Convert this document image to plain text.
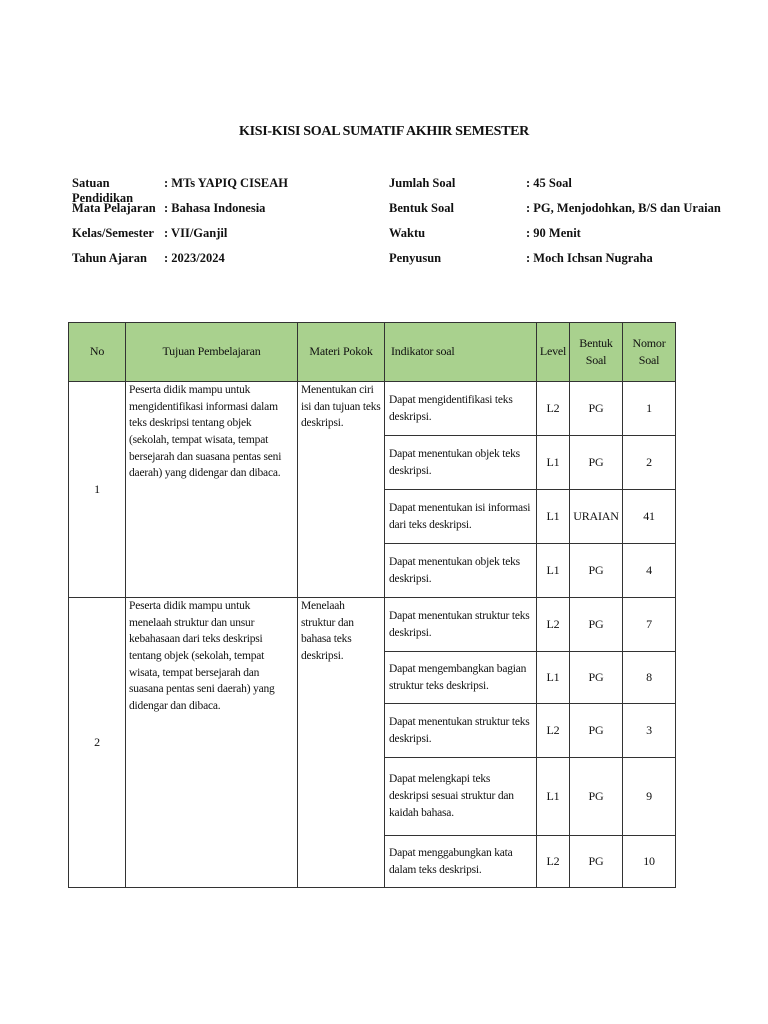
KISI-KISI SOAL SUMATIF AKHIR SEMESTER
Satuan Pendidikan
: MTs YAPIQ CISEAH
Mata Pelajaran : Bahasa Indonesia
Kelas/Semester : VII/Ganjil
Tahun Ajaran	: 2023/2024
Jumlah Soal	: 45 Soal
Bentuk Soal	: PG, Menjodohkan, B/S dan Uraian
Waktu	: 90 Menit
Penyusun	: Moch Ichsan Nugraha
No	Tujuan Pembelajaran	Materi Pokok	Indikator soal	Level	Bentuk Soal	Nomor
Soal
1	Peserta didik mampu untuk mengidentifikasi informasi dalam teks deskripsi tentang objek (sekolah, tempat wisata, tempat bersejarah dan suasana pentas seni daerah) yang didengar dan dibaca.	Menentukan ciri isi dan tujuan teks deskripsi.	Dapat mengidentifikasi teks deskripsi.	L2	PG	1
			Dapat menentukan objek teks deskripsi.	L1	PG	2
			Dapat menentukan isi informasi dari teks deskripsi.	L1	URAIAN	41
			Dapat menentukan objek teks deskripsi.	L1	PG	4
2	Peserta didik mampu untuk menelaah struktur dan unsur kebahasaan dari teks deskripsi tentang objek (sekolah, tempat wisata, tempat bersejarah dan suasana pentas seni daerah) yang didengar dan dibaca.	Menelaah struktur dan bahasa teks deskripsi.	Dapat menentukan struktur teks deskripsi.	L2	PG	7
			Dapat mengembangkan bagian struktur teks deskripsi.	L1	PG	8
			Dapat menentukan struktur teks deskripsi.	L2	PG	3
			Dapat melengkapi teks deskripsi sesuai struktur dan kaidah bahasa.	L1	PG	9
			Dapat menggabungkan kata dalam teks deskripsi.	L2	PG	10
